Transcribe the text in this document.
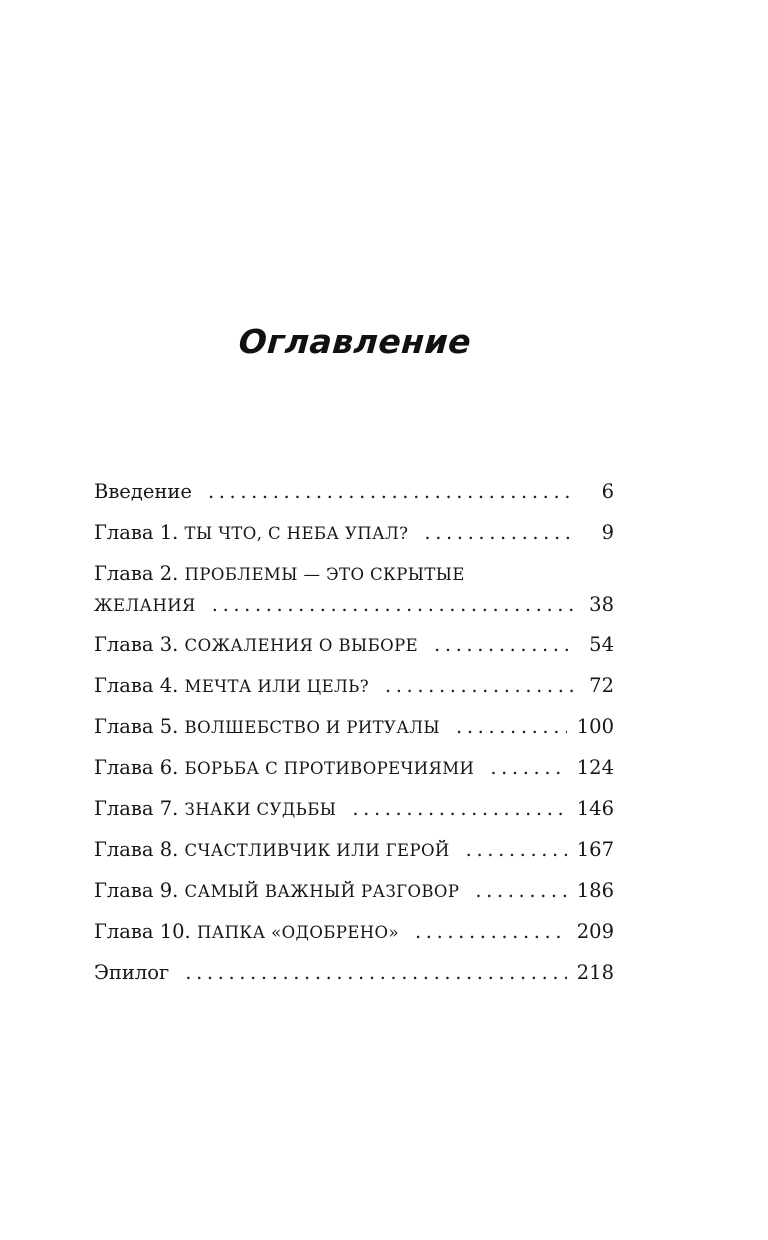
Оглавление
Введение . . .	6
Глава 1. ТЫ ЧТО, С НЕБА УПАЛ? . . .	9
Глава 2. ПРОБЛЕМЫ — ЭТО СКРЫТЫЕ
ЖЕЛАНИЯ . . .	38
Глава 3. СОЖАЛЕНИЯ О ВЫБОРЕ . . .	54
Глава 4. МЕЧТА ИЛИ ЦЕЛЬ? . . .	72
Глава 5. ВОЛШЕБСТВО И РИТУАЛЫ . . .	100
Глава 6. БОРЬБА С ПРОТИВОРЕЧИЯМИ . . .	124
Глава 7. ЗНАКИ СУДЬБЫ . . .	146
Глава 8. СЧАСТЛИВЧИК ИЛИ ГЕРОЙ . . .	167
Глава 9. САМЫЙ ВАЖНЫЙ РАЗГОВОР . . .	186
Глава 10. ПАПКА «ОДОБРЕНО» . . .	209
Эпилог . . .	218
